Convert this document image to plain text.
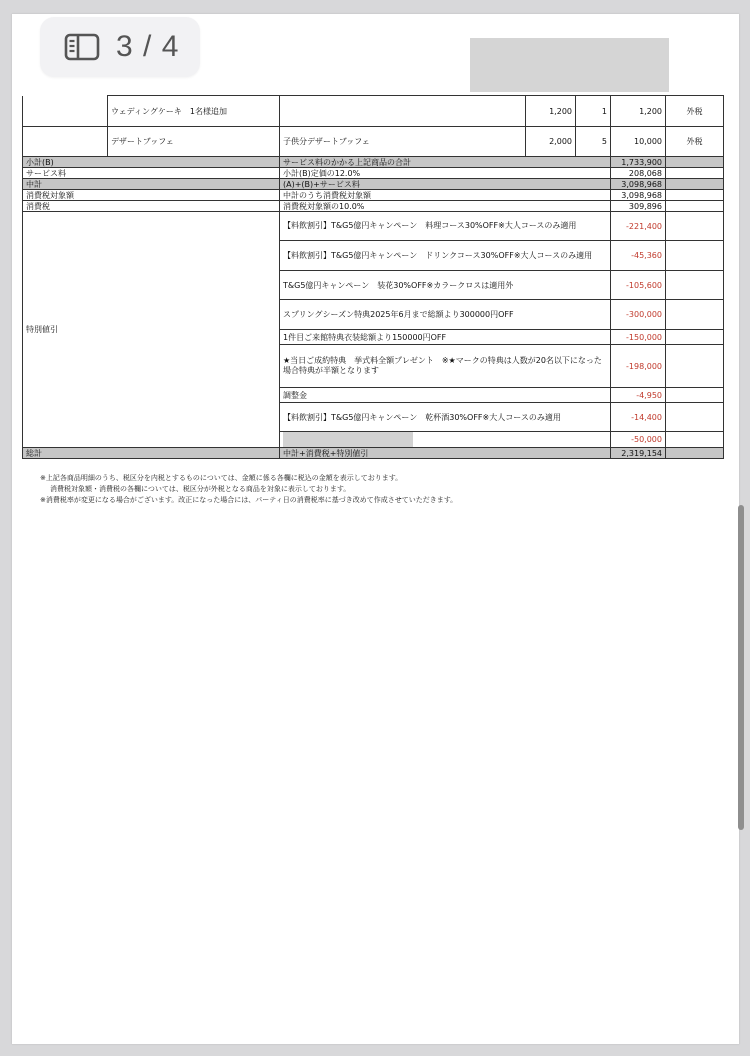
3 / 4
	ウェディングケーキ　1名様追加		1,200	1	1,200	外税
	デザートブッフェ	子供分デザートブッフェ	2,000	5	10,000	外税
小計(B)		サービス料のかかる上記商品の合計			1,733,900	
サービス料		小計(B)定価の12.0%			208,068	
中計		(A)+(B)+サービス料			3,098,968	
消費税対象額		中計のうち消費税対象額			3,098,968	
消費税		消費税対象額の10.0%			309,896	
特別値引		【料飲割引】T&G5億円キャンペーン　料理コース30%OFF※大人コースのみ適用			-221,400	
		【料飲割引】T&G5億円キャンペーン　ドリンクコース30%OFF※大人コースのみ適用			-45,360	
		T&G5億円キャンペーン　装花30%OFF※カラークロスは適用外			-105,600	
		スプリングシーズン特典2025年6月まで総額より300000円OFF			-300,000	
		1件目ご来館特典衣装総額より150000円OFF			-150,000	
		★当日ご成約特典　挙式料全額プレゼント　※★マークの特典は人数が20名以下になった場合特典が半額となります			-198,000	
		調整金			-4,950	
		【料飲割引】T&G5億円キャンペーン　乾杯酒30%OFF※大人コースのみ適用			-14,400	
					-50,000	
総計		中計+消費税+特別値引			2,319,154	
※上記各商品明細のうち、税区分を内税とするものについては、金額に係る各欄に税込の金額を表示しております。
消費税対象額・消費税の各欄については、税区分が外税となる商品を対象に表示しております。
※消費税率が変更になる場合がございます。改正になった場合には、パーティ日の消費税率に基づき改めて作成させていただきます。
